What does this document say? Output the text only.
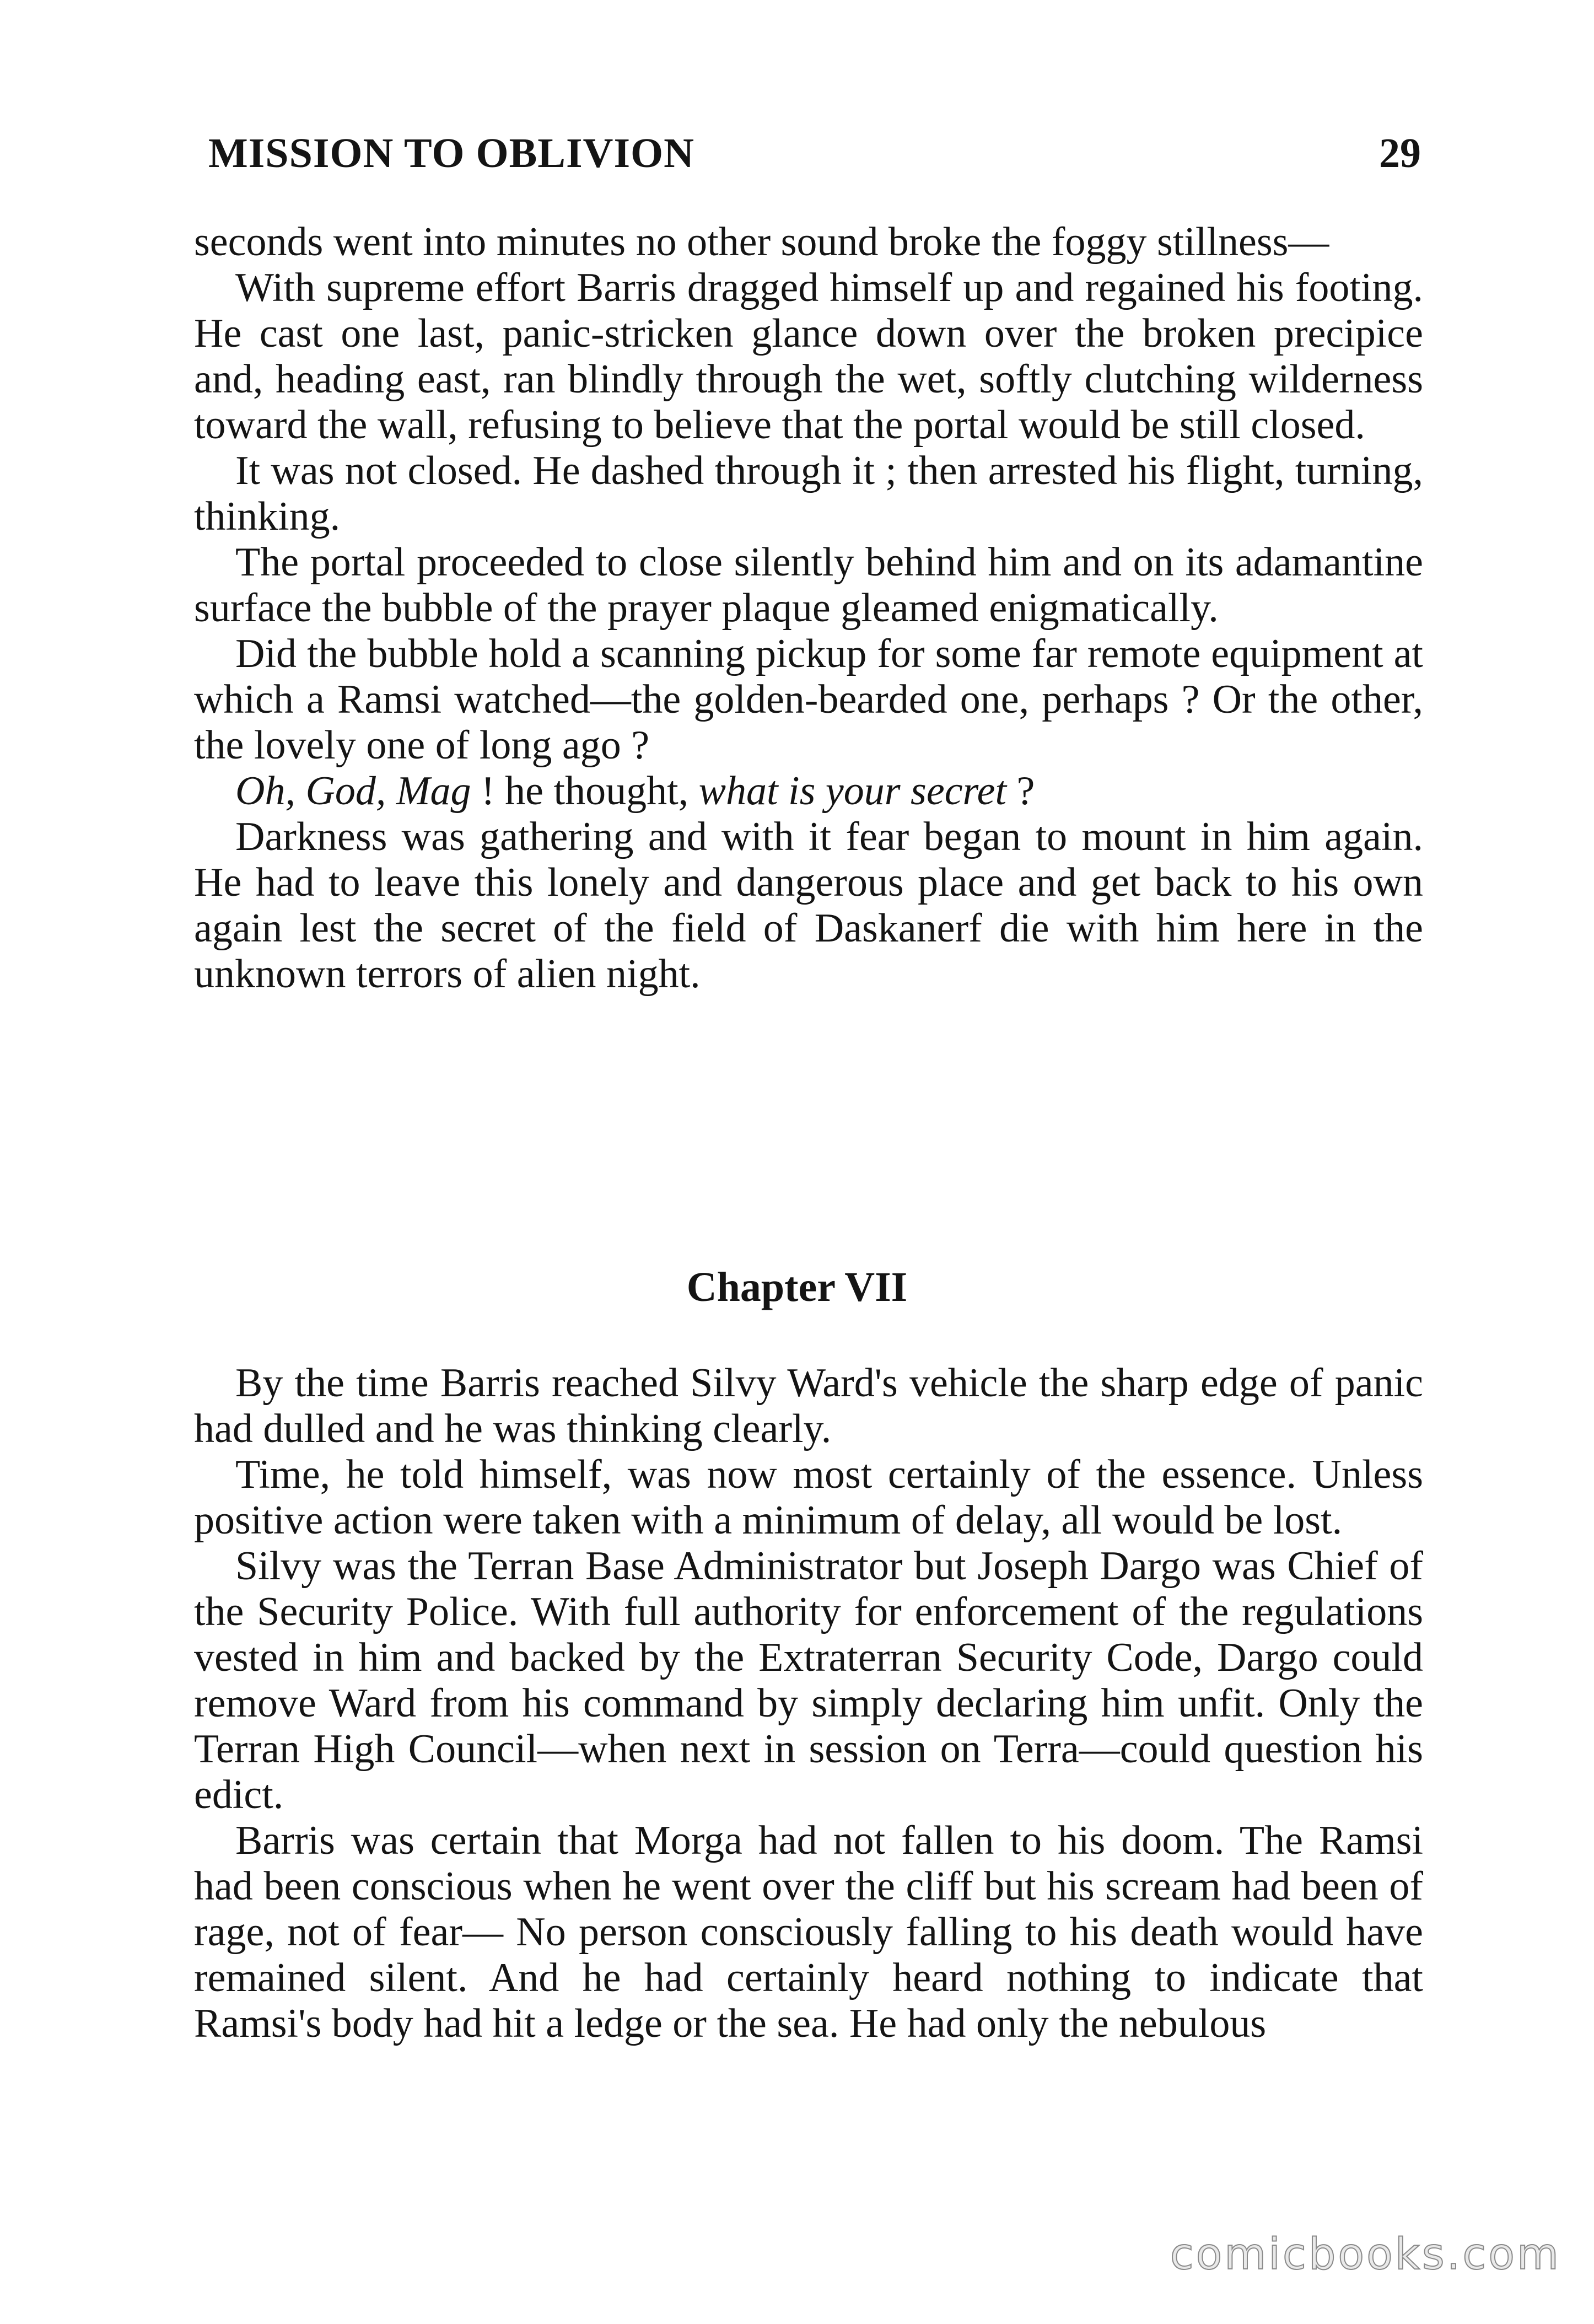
MISSION TO OBLIVION	29

seconds went into minutes no other sound broke the foggy stillness—

With supreme effort Barris dragged himself up and regained his footing. He cast one last, panic-stricken glance down over the broken precipice and, heading east, ran blindly through the wet, softly clutching wilderness toward the wall, refusing to believe that the portal would be still closed.

It was not closed. He dashed through it ; then arrested his flight, turning, thinking.

The portal proceeded to close silently behind him and on its adamantine surface the bubble of the prayer plaque gleamed enigmatically.

Did the bubble hold a scanning pickup for some far remote equipment at which a Ramsi watched—the golden-bearded one, perhaps ? Or the other, the lovely one of long ago ?

Oh, God, Mag ! he thought, what is your secret ?

Darkness was gathering and with it fear began to mount in him again. He had to leave this lonely and dangerous place and get back to his own again lest the secret of the field of Daskanerf die with him here in the unknown terrors of alien night.

Chapter VII

By the time Barris reached Silvy Ward's vehicle the sharp edge of panic had dulled and he was thinking clearly.

Time, he told himself, was now most certainly of the essence. Unless positive action were taken with a minimum of delay, all would be lost.

Silvy was the Terran Base Administrator but Joseph Dargo was Chief of the Security Police. With full authority for enforcement of the regulations vested in him and backed by the Extraterran Security Code, Dargo could remove Ward from his command by simply declaring him unfit. Only the Terran High Council—when next in session on Terra—could question his edict.

Barris was certain that Morga had not fallen to his doom. The Ramsi had been conscious when he went over the cliff but his scream had been of rage, not of fear— No person consciously falling to his death would have remained silent. And he had certainly heard nothing to indicate that Ramsi's body had hit a ledge or the sea. He had only the nebulous

comicbooks.com
